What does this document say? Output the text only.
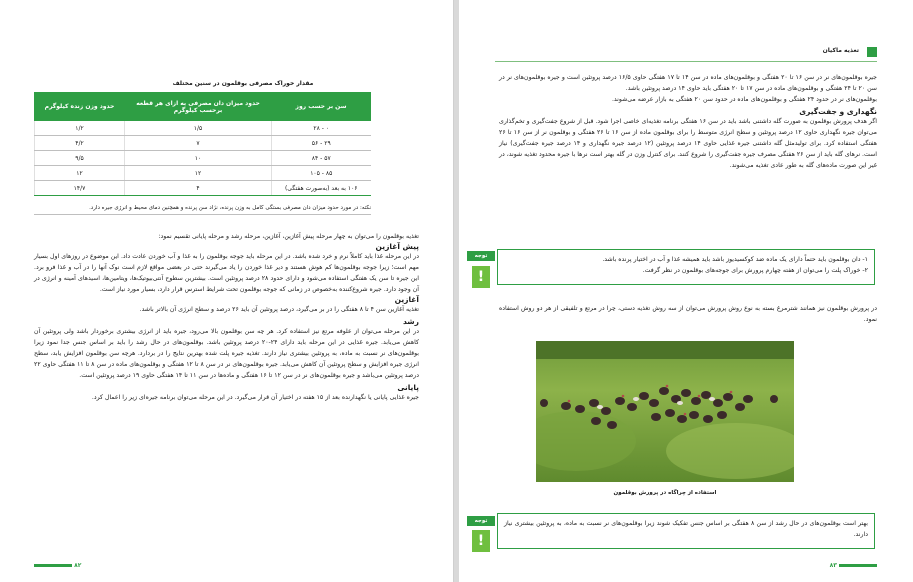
مقدار خوراک مصرفی بوقلمون در سنین مختلف
سن بر حسب روز	حدود میزان دان مصرفی به ازای هر قطعه برحسب کیلوگرم	حدود وزن زنده کیلوگرم
۰ - ۲۸	۱/۵	۱/۲
۲۹ - ۵۶	۷	۴/۲
۵۷ - ۸۴	۱۰	۹/۵
۸۵ - ۱۰۵	۱۲	۱۲
۱۰۶ به بعد (به‌صورت هفتگی)	۴	۱۴/۷
نکته: در مورد حدود میزان دان مصرفی بستگی کامل به وزن پرنده، نژاد سن پرنده و همچنین دمای محیط و انرژی جیره دارد.

تغذیه بوقلمون را می‌توان به چهار مرحله پیش آغازین، آغازین، مرحله رشد و مرحله پایانی تقسیم نمود:

پیش آغازین

در این مرحله غذا باید کاملاً نرم و خرد شده باشد. در این مرحله باید جوجه بوقلمون را به غذا و آب خوردن عادت داد. این موضوع در روزهای اول بسیار مهم است؛ زیرا جوجه بوقلمون‌ها کم هوش هستند و دیر غذا خوردن را یاد می‌گیرند حتی در بعضی مواقع لازم است نوک آنها را در آب و غذا فرو برد. این جیره تا سن یک هفتگی استفاده می‌شود و دارای حدود ۲۸ درصد پروتئین است. بیشترین سطوح آنتی‌بیوتیک‌ها، ویتامین‌ها، اسیدهای آمینه و انرژی در آن وجود دارد. جیره شروع‌کننده به‌خصوص در زمانی که جوجه بوقلمون تحت شرایط استرس قرار دارد، بسیار مورد نیاز است.

آغازین

تغذیه آغازین سن ۴ تا ۸ هفتگی را در بر می‌گیرد، درصد پروتئین آن باید ۲۶ درصد و سطح انرژی آن بالاتر باشد.

رشد

در این مرحله می‌توان از علوفه مرتع نیز استفاده کرد. هر چه سن بوقلمون بالا می‌رود، جیره باید از انرژی بیشتری برخوردار باشد ولی پروتئین آن کاهش می‌یابد. جیره غذایی در این مرحله باید دارای ۲۴-۲۰ درصد پروتئین باشد. بوقلمون‌های در حال رشد را باید بر اساس جنس جدا نمود زیرا بوقلمون‌های نر نسبت به ماده، به پروتئین بیشتری نیاز دارند. تغذیه جیره پلت شده بهترین نتایج را در بردارد. هرچه سن بوقلمون افزایش یابد، سطح انرژی جیره افزایش و سطح پروتئین آن کاهش می‌یابد. جیره بوقلمون‌های نر در سن ۸ تا ۱۲ هفتگی و بوقلمون‌های ماده در سن ۸ تا ۱۱ هفتگی حاوی ۲۲ درصد پروتئین می‌باشد و جیره بوقلمون‌های نر در سن ۱۲ تا ۱۶ هفتگی و ماده‌ها در سن ۱۱ تا ۱۴ هفتگی حاوی ۱۹ درصد پروتئین است.

پایانی

جیره غذایی پایانی یا نگهدارنده بعد از ۱۵ هفته در اختیار آن قرار می‌گیرد. در این مرحله می‌توان برنامه جیره‌ای زیر را اعمال کرد.

۸۲
تغذیه ماکیان

جیره بوقلمون‌های نر در سن ۱۶ تا ۲۰ هفتگی و بوقلمون‌های ماده در سن ۱۴ تا ۱۷ هفتگی حاوی ۱۶/۵ درصد پروتئین است و جیره بوقلمون‌های نر در سن ۲۰ تا ۲۴ هفتگی و بوقلمون‌های ماده در سن ۱۷ تا ۲۰ هفتگی باید حاوی ۱۴ درصد پروتئین باشد.

بوقلمون‌های نر در حدود ۲۴ هفتگی و بوقلمون‌های ماده در حدود سن ۲۰ هفتگی به بازار عرضه می‌شوند.

نگهداری و جفت‌گیری

اگر هدف پرورش بوقلمون به صورت گله داشتنی باشد باید در سن ۱۶ هفتگی برنامه تغذیه‌ای خاصی اجرا شود. قبل از شروع جفت‌گیری و تخم‌گذاری می‌توان جیره نگهداری حاوی ۱۲ درصد پروتئین و سطح انرژی متوسط را برای بوقلمون ماده از سن ۱۶ تا ۲۶ هفتگی و بوقلمون نر از سن ۱۶ تا ۲۶ هفتگی استفاده کرد. برای تولیدمثل گله داشتنی جیره غذایی حاوی ۱۴ درصد پروتئین (۱۲ درصد جیره نگهداری و ۱۴ درصد جیره جفت‌گیری) نیاز است. نرهای گله باید از سن ۲۶ هفتگی مصرف جیره جفت‌گیری را شروع کنند. برای کنترل وزن در گله بهتر است نرها با جیره محدود تغذیه شوند، در غیر این صورت ماده‌های گله به طور عادی تغذیه می‌شوند.

توجه
!

۱- دان بوقلمون باید حتماً دارای یک ماده ضد کوکسیدیوز باشد باید همیشه غذا و آب در اختیار پرنده باشد.

۲- خوراک پلت را می‌توان از هفته چهارم پرورش برای جوجه‌های بوقلمون در نظر گرفت.

در پرورش بوقلمون نیز همانند شترمرغ بسته به نوع روش پرورش می‌توان از سه روش تغذیه دستی، چرا در مرتع و تلفیقی از هر دو روش استفاده نمود.

استفاده از چراگاه در پرورش بوقلمون
توجه
!

بهتر است بوقلمون‌های در حال رشد از سن ۸ هفتگی بر اساس جنس تفکیک شوند زیرا بوقلمون‌های نر نسبت به ماده، به پروتئین بیشتری نیاز دارند.

۸۳
